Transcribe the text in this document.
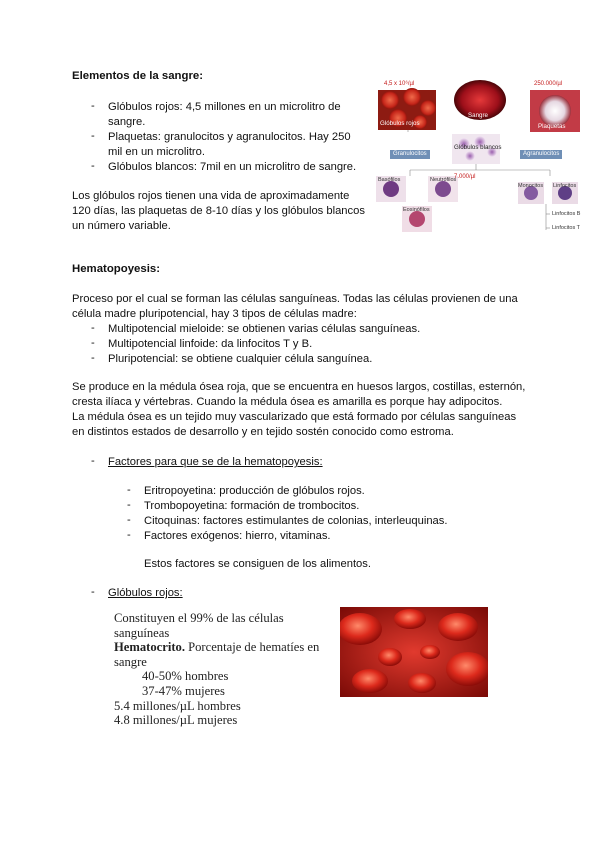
Elementos de la sangre:
- Glóbulos rojos: 4,5 millones en un microlitro de
sangre.
- Plaquetas: granulocitos y agranulocitos. Hay 250
mil en un microlitro.
- Glóbulos blancos: 7mil en un microlitro de sangre.
Los glóbulos rojos tienen una vida de aproximadamente
120 días, las plaquetas de 8-10 días y los glóbulos blancos
un número variable.
4,5 x 10⁶/µl	250.000/µl
7.000/µl
Glóbulos rojos
Sangre
Plaquetas
Glóbulos blancos
Granulocitos	Agranulocitos
Basófilos	Neutrófilos
Eosinófilos
Monocitos Linfocitos
Linfocitos B
Linfocitos T
Hematopoyesis:
Proceso por el cual se forman las células sanguíneas. Todas las células provienen de una
célula madre pluripotencial, hay 3 tipos de células madre:
- Multipotencial mieloide: se obtienen varias células sanguíneas.
- Multipotencial linfoide: da linfocitos T y B.
- Pluripotencial: se obtiene cualquier célula sanguínea.
Se produce en la médula ósea roja, que se encuentra en huesos largos, costillas, esternón,
cresta ilíaca y vértebras. Cuando la médula ósea es amarilla es porque hay adipocitos.
La médula ósea es un tejido muy vascularizado que está formado por células sanguíneas
en distintos estados de desarrollo y en tejido sostén conocido como estroma.
- Factores para que se de la hematopoyesis:
- Eritropoyetina: producción de glóbulos rojos.
- Trombopoyetina: formación de trombocitos.
- Citoquinas: factores estimulantes de colonias, interleuquinas.
- Factores exógenos: hierro, vitaminas.
Estos factores se consiguen de los alimentos.
- Glóbulos rojos:
Constituyen el 99% de las células
sanguíneas
Hematocrito. Porcentaje de hematíes en
sangre
40-50% hombres
37-47% mujeres
5.4 millones/µL hombres
4.8 millones/µL mujeres
